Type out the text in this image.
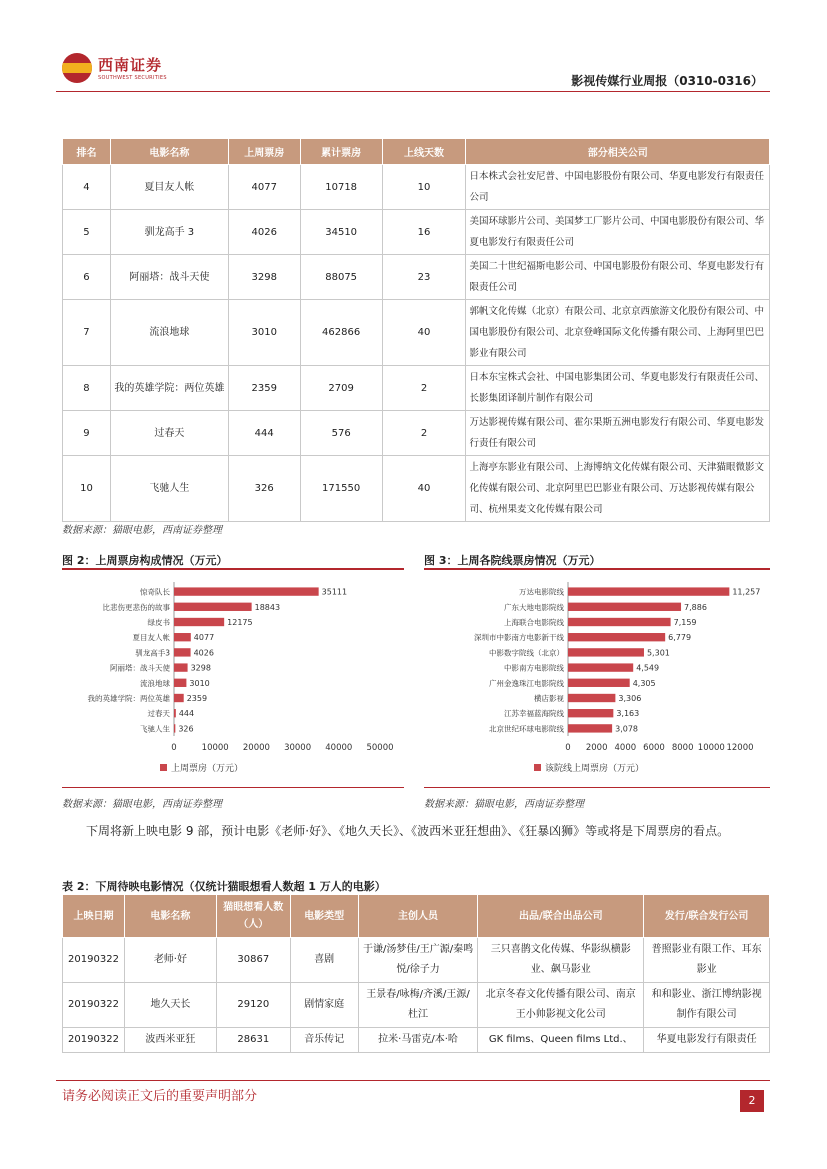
西南证券
SOUTHWEST SECURITIES	影视传媒行业周报（0310-0316）
排名	电影名称	上周票房	累计票房	上线天数	部分相关公司
4	夏目友人帐	4077	10718	10	日本株式会社安尼普、中国电影股份有限公司、华夏电影发行有限责任公司
5	驯龙高手 3	4026	34510	16	美国环球影片公司、美国梦工厂影片公司、中国电影股份有限公司、华夏电影发行有限责任公司
6	阿丽塔：战斗天使	3298	88075	23	美国二十世纪福斯电影公司、中国电影股份有限公司、华夏电影发行有限责任公司
7	流浪地球	3010	462866	40	郭帆文化传媒（北京）有限公司、北京京西旅游文化股份有限公司、中国电影股份有限公司、北京登峰国际文化传播有限公司、上海阿里巴巴影业有限公司
8	我的英雄学院：两位英雄	2359	2709	2	日本东宝株式会社、中国电影集团公司、华夏电影发行有限责任公司、长影集团译制片制作有限公司
9	过春天	444	576	2	万达影视传媒有限公司、霍尔果斯五洲电影发行有限公司、华夏电影发行责任有限公司
10	飞驰人生	326	171550	40	上海亭东影业有限公司、上海博纳文化传媒有限公司、天津猫眼微影文化传媒有限公司、北京阿里巴巴影业有限公司、万达影视传媒有限公司、杭州果麦文化传媒有限公司
数据来源：猫眼电影，西南证券整理
图 2：上周票房构成情况（万元）	图 3：上周各院线票房情况（万元）
惊奇队长	35111
比悲伤更悲伤的故事	18843
绿皮书	12175
夏目友人帐	4077
驯龙高手3	4026
阿丽塔：战斗天使	3298
流浪地球 3010
我的英雄学院：两位英雄 2359
过春天 444
飞驰人生 326
0	10000 20000 30000 40000 50000
上周票房（万元）
万达电影院线	11,257
广东大地电影院线	7,886
上海联合电影院线	7,159
深圳市中影南方电影新干线	6,779
中影数字院线（北京）	5,301
中影南方电影院线	4,549
广州金逸珠江电影院线	4,305
横店影视	3,306
江苏幸福蓝海院线	3,163
北京世纪环球电影院线	3,078
0 2000 4000 6000 8000 10000 12000
该院线上周票房（万元）
数据来源：猫眼电影，西南证券整理	数据来源：猫眼电影，西南证券整理
下周将新上映电影 9 部，预计电影《老师·好》、《地久天长》、《波西米亚狂想曲》、《狂暴凶狮》等或将是下周票房的看点。
表 2：下周待映电影情况（仅统计猫眼想看人数超 1 万人的电影）
上映日期	电影名称	猫眼想看人数（人）	电影类型	主创人员	出品/联合出品公司	发行/联合发行公司
20190322	老师·好	30867	喜剧	于谦/汤梦佳/王广源/秦鸣悦/徐子力	三只喜鹊文化传媒、华影纵横影业、飙马影业	普照影业有限工作、耳东影业
20190322	地久天长	29120	剧情家庭	王景春/咏梅/齐溪/王源/杜江	北京冬春文化传播有限公司、南京王小帅影视文化公司	和和影业、浙江博纳影视制作有限公司
20190322	波西米亚狂	28631	音乐传记	拉米·马雷克/本·哈	GK films、Queen films Ltd.、	华夏电影发行有限责任
请务必阅读正文后的重要声明部分	2
